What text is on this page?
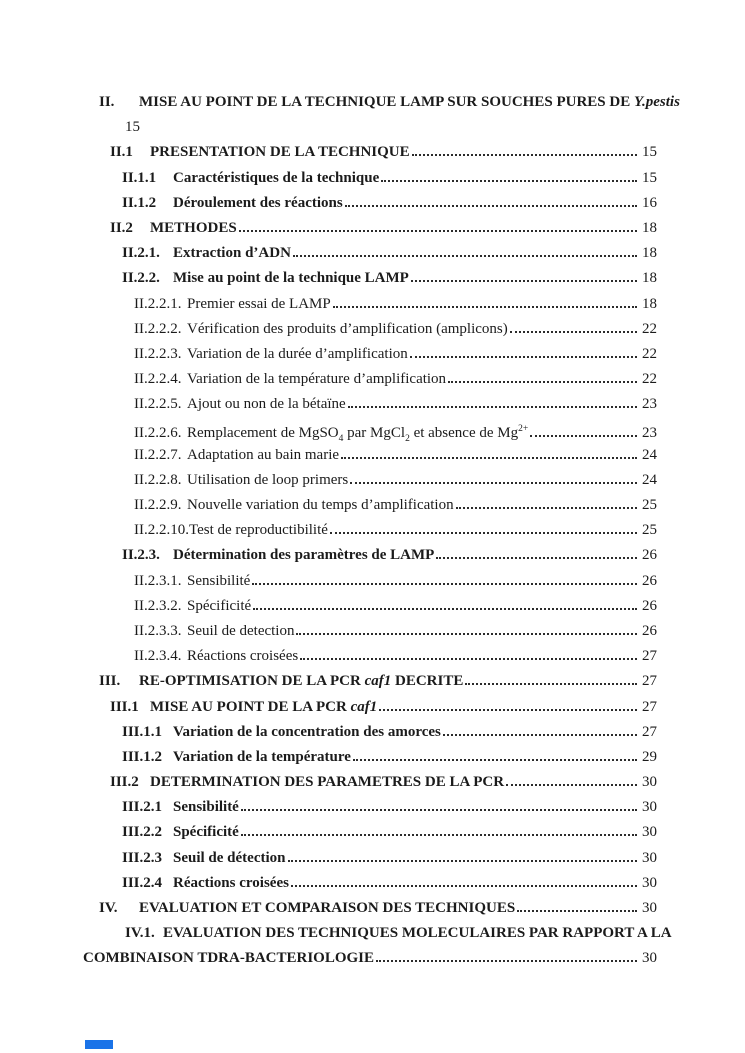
II.	MISE AU POINT DE LA TECHNIQUE LAMP SUR SOUCHES PURES DE Y.pestis
15
II.1	PRESENTATION DE LA TECHNIQUE	15
II.1.1	Caractéristiques de la technique	15
II.1.2	Déroulement des réactions	16
II.2	METHODES	18
II.2.1. Extraction d’ADN	18
II.2.2. Mise au point de la technique LAMP	18
II.2.2.1. Premier essai de LAMP	18
II.2.2.2. Vérification des produits d’amplification (amplicons)	22
II.2.2.3. Variation de la durée d’amplification	22
II.2.2.4. Variation de la température d’amplification	22
II.2.2.5. Ajout ou non de la bétaïne	23
II.2.2.6. Remplacement de MgSO$_4$ par MgCl$_2$ et absence de $Mg^{2+}$	23
II.2.2.7. Adaptation au bain marie	24
II.2.2.8. Utilisation de loop primers	24
II.2.2.9. Nouvelle variation du temps d’amplification	25
II.2.2.10. Test de reproductibilité	25
II.2.3. Détermination des paramètres de LAMP	26
II.2.3.1. Sensibilité	26
II.2.3.2. Spécificité	26
II.2.3.3. Seuil de detection	26
II.2.3.4. Réactions croisées	27
III.	RE-OPTIMISATION DE LA PCR caf1 DECRITE	27
III.1 MISE AU POINT DE LA PCR caf1	27
III.1.1 Variation de la concentration des amorces	27
III.1.2 Variation de la température	29
III.2 DETERMINATION DES PARAMETRES DE LA PCR	30
III.2.1 Sensibilité	30
III.2.2 Spécificité	30
III.2.3 Seuil de détection	30
III.2.4 Réactions croisées	30
IV.	EVALUATION ET COMPARAISON DES TECHNIQUES	30
IV.1. EVALUATION DES TECHNIQUES MOLECULAIRES PAR RAPPORT A LA
COMBINAISON TDRA-BACTERIOLOGIE	30
